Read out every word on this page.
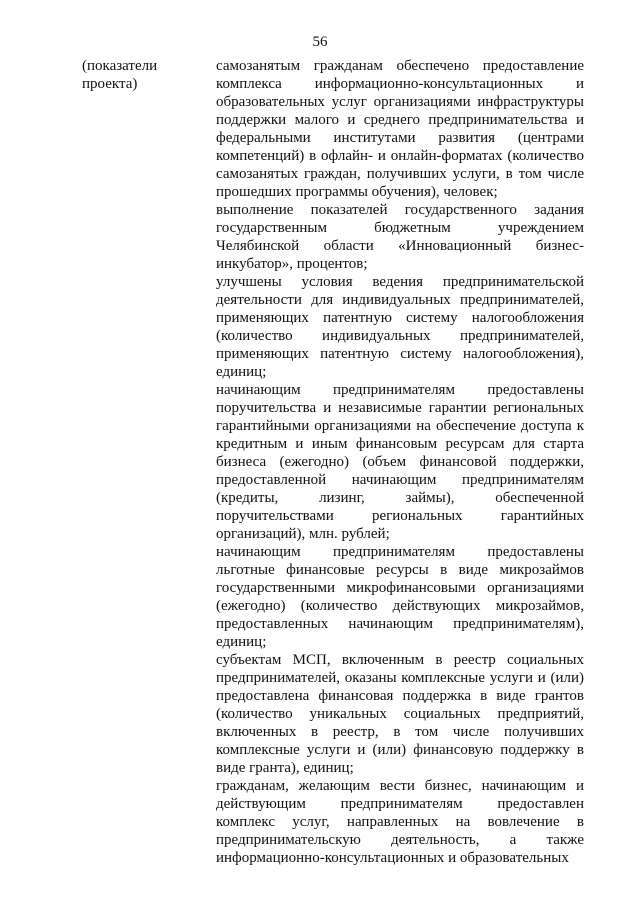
56
(показатели
проекта)
самозанятым гражданам обеспечено предоставление комплекса информационно-консультационных и образовательных услуг организациями инфраструктуры поддержки малого и среднего предпринимательства и федеральными институтами развития (центрами компетенций) в офлайн- и онлайн-форматах (количество самозанятых граждан, получивших услуги, в том числе прошедших программы обучения), человек;
выполнение показателей государственного задания государственным бюджетным учреждением Челябинской области «Инновационный бизнес-инкубатор», процентов;
улучшены условия ведения предпринимательской деятельности для индивидуальных предпринимателей, применяющих патентную систему налогообложения (количество индивидуальных предпринимателей, применяющих патентную систему налогообложения), единиц;
начинающим предпринимателям предоставлены поручительства и независимые гарантии региональных гарантийными организациями на обеспечение доступа к кредитным и иным финансовым ресурсам для старта бизнеса (ежегодно) (объем финансовой поддержки, предоставленной начинающим предпринимателям (кредиты, лизинг, займы), обеспеченной поручительствами региональных гарантийных организаций), млн. рублей;
начинающим предпринимателям предоставлены льготные финансовые ресурсы в виде микрозаймов государственными микрофинансовыми организациями (ежегодно) (количество действующих микрозаймов, предоставленных начинающим предпринимателям), единиц;
субъектам МСП, включенным в реестр социальных предпринимателей, оказаны комплексные услуги и (или) предоставлена финансовая поддержка в виде грантов (количество уникальных социальных предприятий, включенных в реестр, в том числе получивших комплексные услуги и (или) финансовую поддержку в виде гранта), единиц;
гражданам, желающим вести бизнес, начинающим и действующим предпринимателям предоставлен комплекс услуг, направленных на вовлечение в предпринимательскую деятельность, а также информационно-консультационных и образовательных
